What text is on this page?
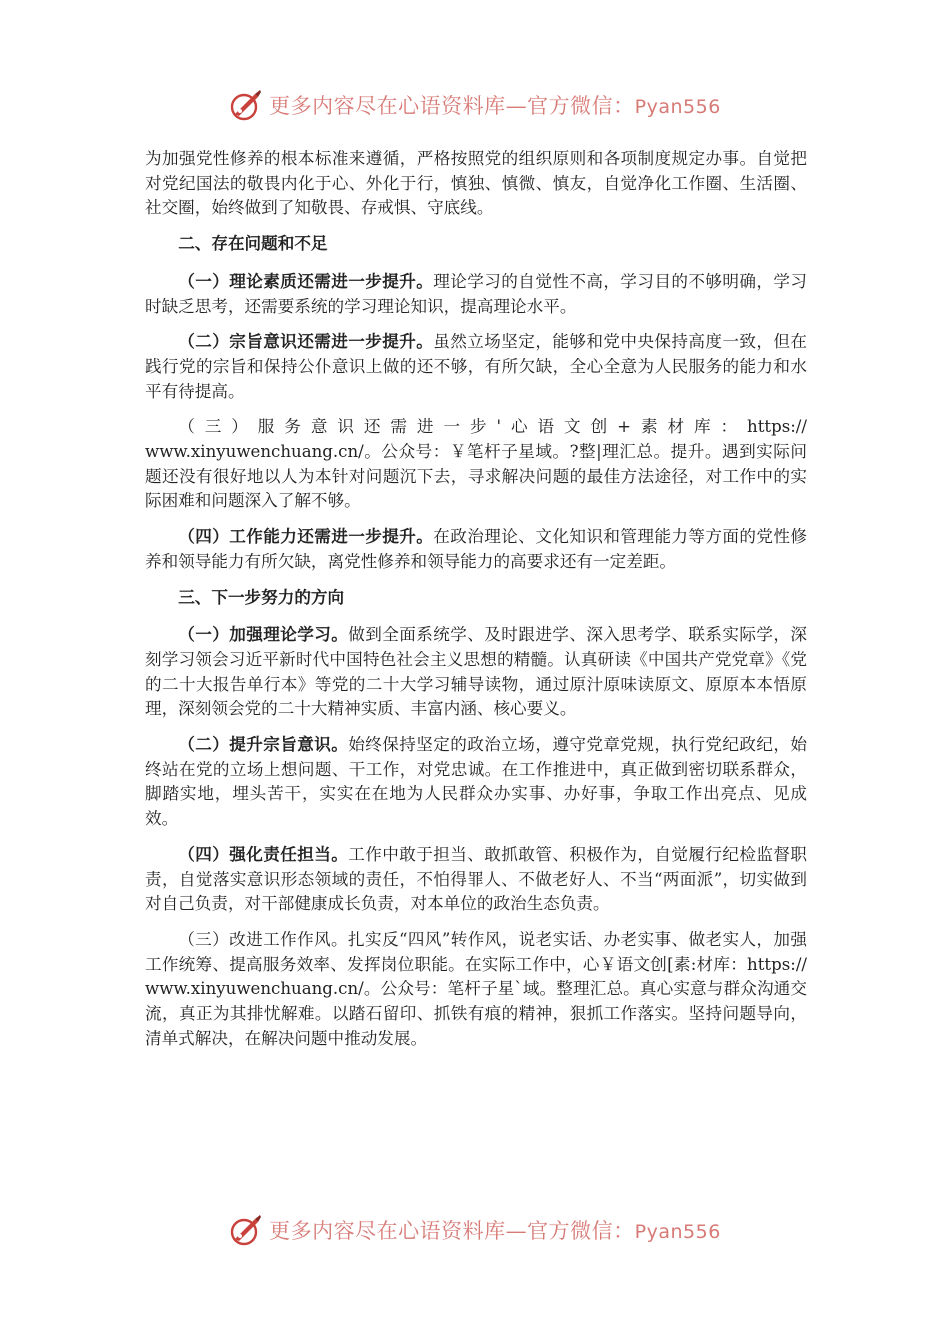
更多内容尽在心语资料库—官方微信：Pyan556

为加强党性修养的根本标准来遵循，严格按照党的组织原则和各项制度规定办事。自觉把对党纪国法的敬畏内化于心、外化于行，慎独、慎微、慎友，自觉净化工作圈、生活圈、社交圈，始终做到了知敬畏、存戒惧、守底线。

二、存在问题和不足

（一）理论素质还需进一步提升。理论学习的自觉性不高，学习目的不够明确，学习时缺乏思考，还需要系统的学习理论知识，提高理论水平。

（二）宗旨意识还需进一步提升。虽然立场坚定，能够和党中央保持高度一致，但在践行党的宗旨和保持公仆意识上做的还不够，有所欠缺，全心全意为人民服务的能力和水平有待提高。

（三）服务意识还需进一步'心语文创+素材库：https://

www.xinyuwenchuang.cn/。公众号：￥笔杆子星域。?整|理汇总。提升。遇到实际问题还没有很好地以人为本针对问题沉下去，寻求解决问题的最佳方法途径，对工作中的实际困难和问题深入了解不够。

（四）工作能力还需进一步提升。在政治理论、文化知识和管理能力等方面的党性修养和领导能力有所欠缺，离党性修养和领导能力的高要求还有一定差距。

三、下一步努力的方向

（一）加强理论学习。做到全面系统学、及时跟进学、深入思考学、联系实际学，深刻学习领会习近平新时代中国特色社会主义思想的精髓。认真研读《中国共产党党章》《党的二十大报告单行本》等党的二十大学习辅导读物，通过原汁原味读原文、原原本本悟原理，深刻领会党的二十大精神实质、丰富内涵、核心要义。

（二）提升宗旨意识。始终保持坚定的政治立场，遵守党章党规，执行党纪政纪，始终站在党的立场上想问题、干工作，对党忠诚。在工作推进中，真正做到密切联系群众，脚踏实地，埋头苦干，实实在在地为人民群众办实事、办好事，争取工作出亮点、见成效。

（四）强化责任担当。工作中敢于担当、敢抓敢管、积极作为，自觉履行纪检监督职责，自觉落实意识形态领域的责任，不怕得罪人、不做老好人、不当“两面派”，切实做到对自己负责，对干部健康成长负责，对本单位的政治生态负责。

（三）改进工作作风。扎实反“四风”转作风，说老实话、办老实事、做老实人，加强工作统筹、提高服务效率、发挥岗位职能。在实际工作中，心￥语文创[素:材库：https://www.xinyuwenchuang.cn/。公众号：笔杆子星`域。整理汇总。真心实意与群众沟通交流，真正为其排忧解难。以踏石留印、抓铁有痕的精神，狠抓工作落实。坚持问题导向，清单式解决，在解决问题中推动发展。

更多内容尽在心语资料库—官方微信：Pyan556
